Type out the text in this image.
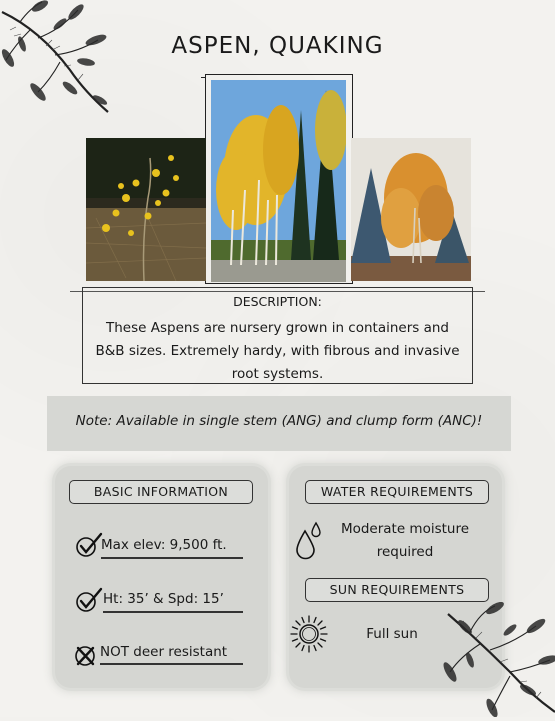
ASPEN, QUAKING
DESCRIPTION:
These Aspens are nursery grown in containers and B&B sizes. Extremely hardy, with fibrous and invasive root systems.
Note: Available in single stem (ANG) and clump form (ANC)!
BASIC INFORMATION
Max elev: 9,500 ft.
Ht: 35’ & Spd: 15’
NOT deer resistant
WATER REQUIREMENTS
Moderate moisture required
SUN REQUIREMENTS
Full sun
